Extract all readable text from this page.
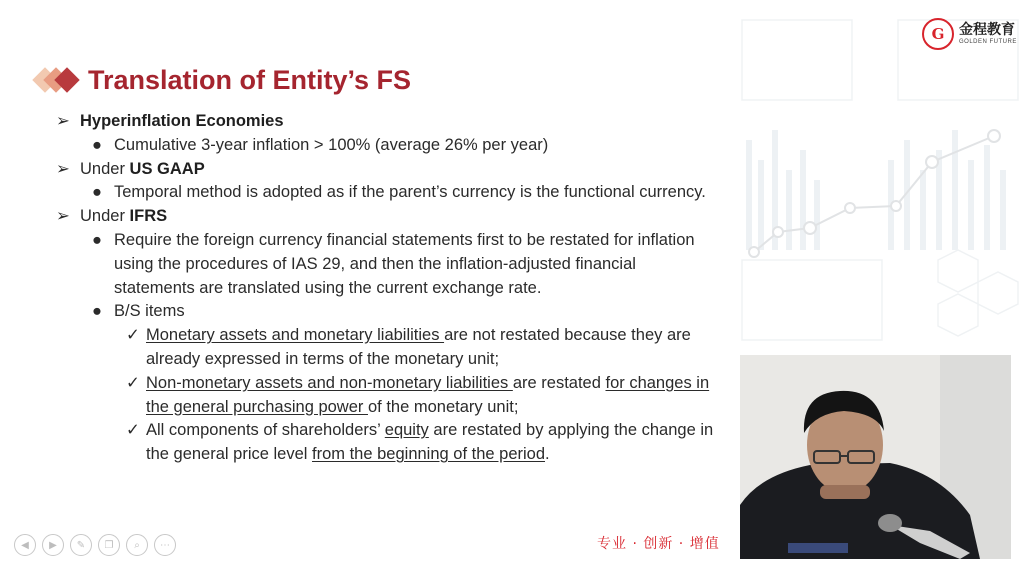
G	金程教育
GOLDEN FUTURE
Translation of Entity’s FS
➢ Hyperinflation Economies
● Cumulative 3-year inflation > 100% (average 26% per year)
➢ Under US GAAP
● Temporal method is adopted as if the parent’s currency is the functional currency.
➢ Under IFRS
● Require the foreign currency financial statements first to be restated for inflation using the procedures of IAS 29, and then the inflation-adjusted financial statements are translated using the current exchange rate.
● B/S items
✓ Monetary assets and monetary liabilities are not restated because they are already expressed in terms of the monetary unit;
✓ Non-monetary assets and non-monetary liabilities are restated for changes in the general purchasing power of the monetary unit;
✓ All components of shareholders’ equity are restated by applying the change in the general price level from the beginning of the period.
◀	▶	✎	❐	⌕	⋯	专业 · 创新 · 增值
